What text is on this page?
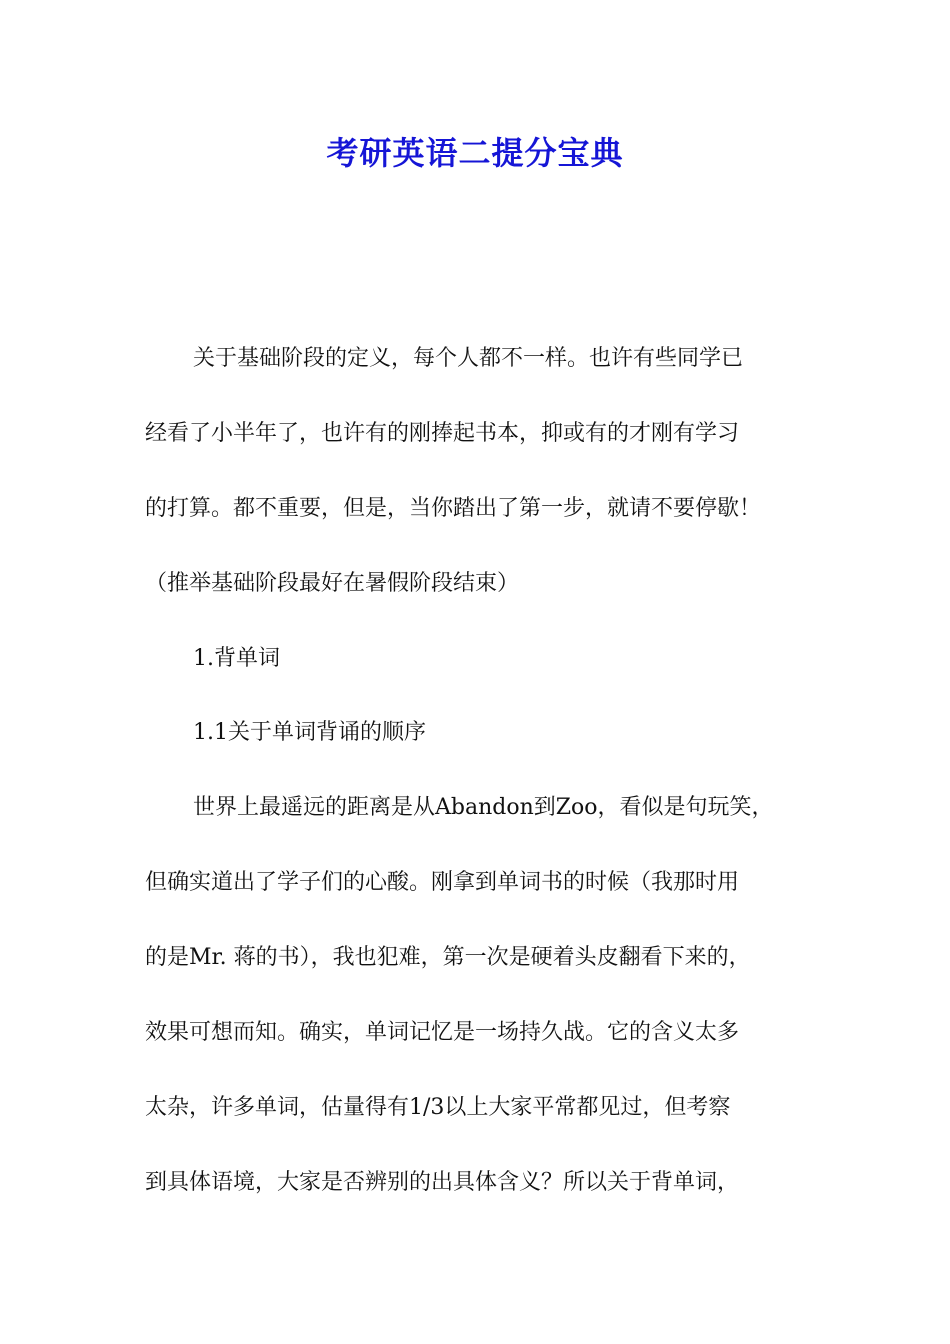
考研英语二提分宝典
关于基础阶段的定义，每个人都不一样。也许有些同学已
经看了小半年了，也许有的刚捧起书本，抑或有的才刚有学习
的打算。都不重要，但是，当你踏出了第一步，就请不要停歇！
（推举基础阶段最好在暑假阶段结束）
1.背单词
1.1关于单词背诵的顺序
世界上最遥远的距离是从Abandon到Zoo，看似是句玩笑，
但确实道出了学子们的心酸。刚拿到单词书的时候（我那时用
的是Mr. 蒋的书），我也犯难，第一次是硬着头皮翻看下来的，
效果可想而知。确实，单词记忆是一场持久战。它的含义太多
太杂，许多单词，估量得有1/3以上大家平常都见过，但考察
到具体语境，大家是否辨别的出具体含义？所以关于背单词，
